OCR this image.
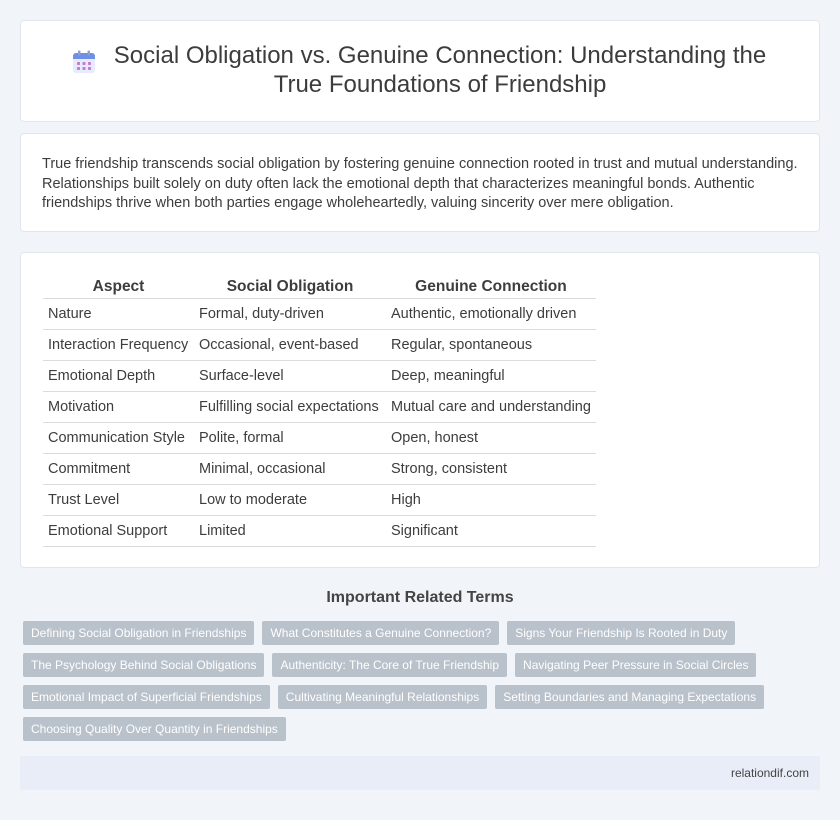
Social Obligation vs. Genuine Connection: Understanding the True Foundations of Friendship

True friendship transcends social obligation by fostering genuine connection rooted in trust and mutual understanding. Relationships built solely on duty often lack the emotional depth that characterizes meaningful bonds. Authentic friendships thrive when both parties engage wholeheartedly, valuing sincerity over mere obligation.

Aspect	Social Obligation	Genuine Connection
Nature	Formal, duty-driven	Authentic, emotionally driven
Interaction Frequency	Occasional, event-based	Regular, spontaneous
Emotional Depth	Surface-level	Deep, meaningful
Motivation	Fulfilling social expectations	Mutual care and understanding
Communication Style	Polite, formal	Open, honest
Commitment	Minimal, occasional	Strong, consistent
Trust Level	Low to moderate	High
Emotional Support	Limited	Significant
Important Related Terms
Defining Social Obligation in Friendships	What Constitutes a Genuine Connection?	Signs Your Friendship Is Rooted in Duty
The Psychology Behind Social Obligations	Authenticity: The Core of True Friendship	Navigating Peer Pressure in Social Circles
Emotional Impact of Superficial Friendships	Cultivating Meaningful Relationships	Setting Boundaries and Managing Expectations
Choosing Quality Over Quantity in Friendships
relationdif.com
